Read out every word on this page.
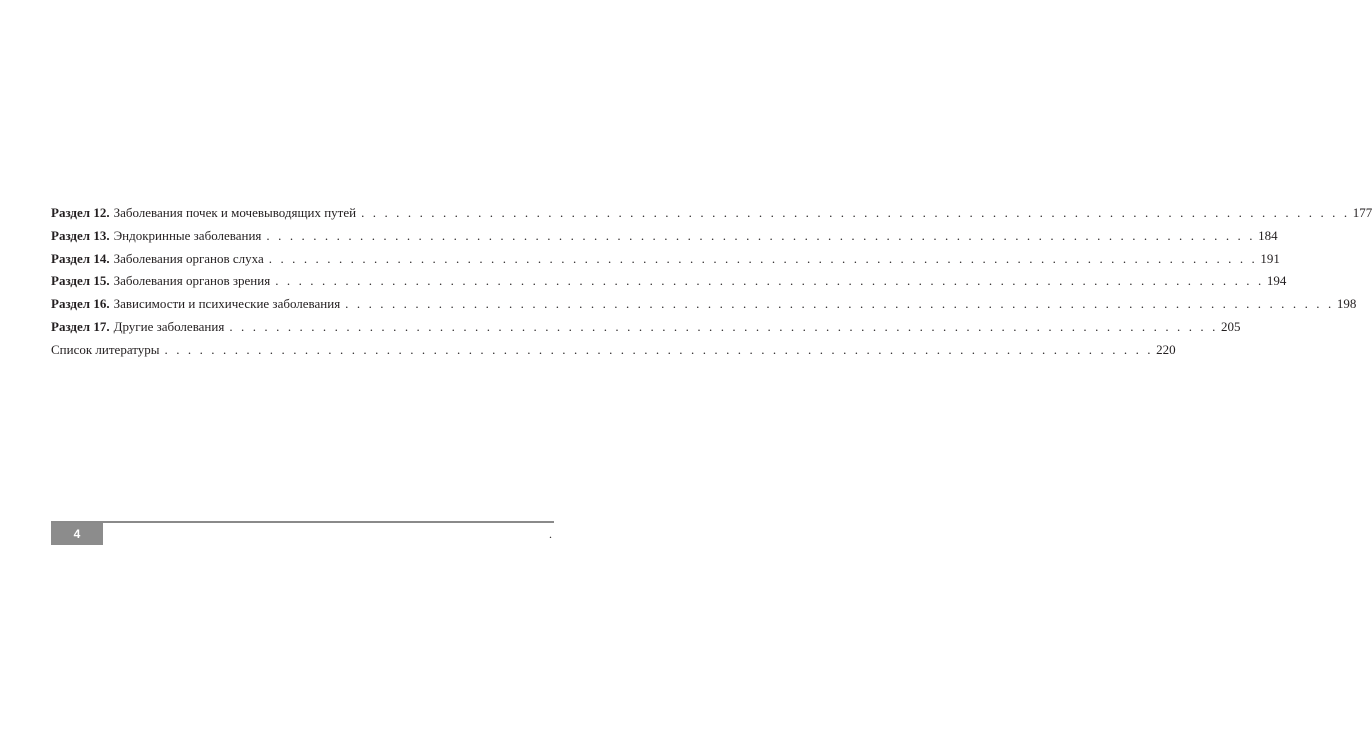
Раздел 12. Заболевания почек и мочевыводящих путей . . . . . . . . . . . . . . . . . . . . . . . . . . . . . . . . . . . . . . . . . . . . . . . . . . . . . . . . . . . . . . . . . . . . . . . . . . . . . . . . . . . . . 177
Раздел 13. Эндокринные заболевания . . . . . . . . . . . . . . . . . . . . . . . . . . . . . . . . . . . . . . . . . . . . . . . . . . . . . . . . . . . . . . . . . . . . . . . . . . . . . . . . . . . . . 184
Раздел 14. Заболевания органов слуха . . . . . . . . . . . . . . . . . . . . . . . . . . . . . . . . . . . . . . . . . . . . . . . . . . . . . . . . . . . . . . . . . . . . . . . . . . . . . . . . . . . . . 191
Раздел 15. Заболевания органов зрения . . . . . . . . . . . . . . . . . . . . . . . . . . . . . . . . . . . . . . . . . . . . . . . . . . . . . . . . . . . . . . . . . . . . . . . . . . . . . . . . . . . . . 194
Раздел 16. Зависимости и психические заболевания . . . . . . . . . . . . . . . . . . . . . . . . . . . . . . . . . . . . . . . . . . . . . . . . . . . . . . . . . . . . . . . . . . . . . . . . . . . . . . . . . . . . . 198
Раздел 17. Другие заболевания . . . . . . . . . . . . . . . . . . . . . . . . . . . . . . . . . . . . . . . . . . . . . . . . . . . . . . . . . . . . . . . . . . . . . . . . . . . . . . . . . . . . . 205
Список литературы . . . . . . . . . . . . . . . . . . . . . . . . . . . . . . . . . . . . . . . . . . . . . . . . . . . . . . . . . . . . . . . . . . . . . . . . . . . . . . . . . . . . . 220
4	.
